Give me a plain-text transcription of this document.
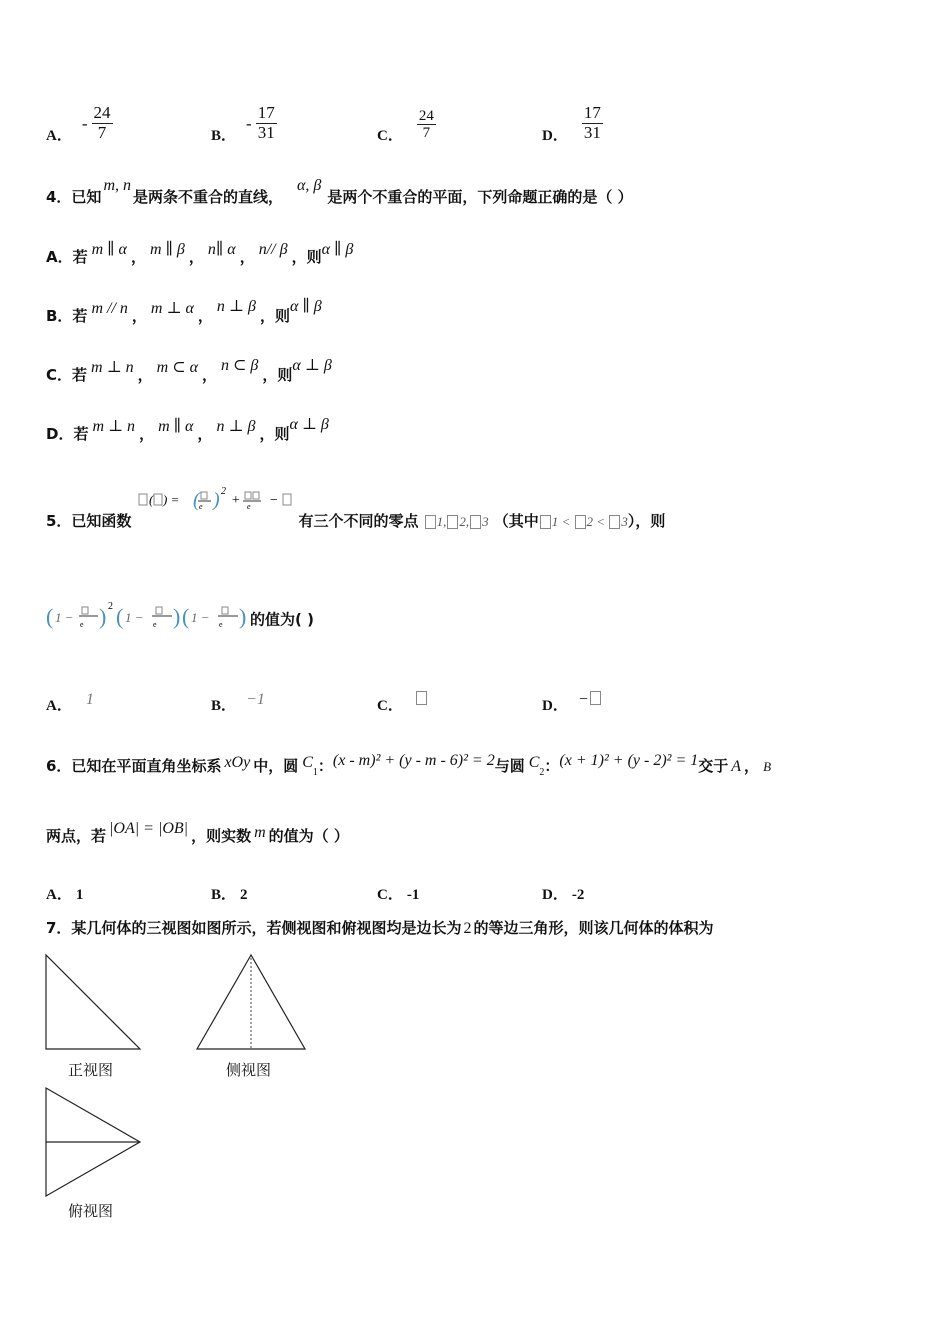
A．
- $\frac{24}{7}$	B．
- $\frac{17}{31}$	C． $\frac{24}{7}$	D． $\frac{17}{31}$
4．已知m, n是两条不重合的直线，α, β是两个不重合的平面，下列命题正确的是（ ）
A．若 m ∥ α ， m ∥ β ， n∥ α ， n// β ，则α ∥ β
B．若 m // n ， m ⊥ α ，n ⊥ β，则α ∥ β
C．若 m ⊥ n ， m ⊂ α ，n ⊂ β，则α ⊥ β
D．若 m ⊥ n ， m ∥ α ， n ⊥ β ，则α ⊥ β
5．已知函数
( ) = ( e ) 2
+ e −
有三个不同的零点 1, 2, 3 （其中 1 < 2 < 3），则
( 1 − e ) 2 ( 1 − e ) ( 1 − e ) 的值为( )
A． 1	B． −1	C．	D． −
6．已知在平面直角坐标系 xOy 中，圆 $C_1$：(x - m)² + (y - m - 6)² = 2与圆 $C_2$：(x + 1)² + (y - 2)² = 1交于 A ， B
两点，若 |OA| = |OB| ，则实数 m 的值为（ ）
A． 1	B． 2	C． -1	D． -2
7．某几何体的三视图如图所示，若侧视图和俯视图均是边长为 2 的等边三角形，则该几何体的体积为
正视图	侧视图
俯视图
